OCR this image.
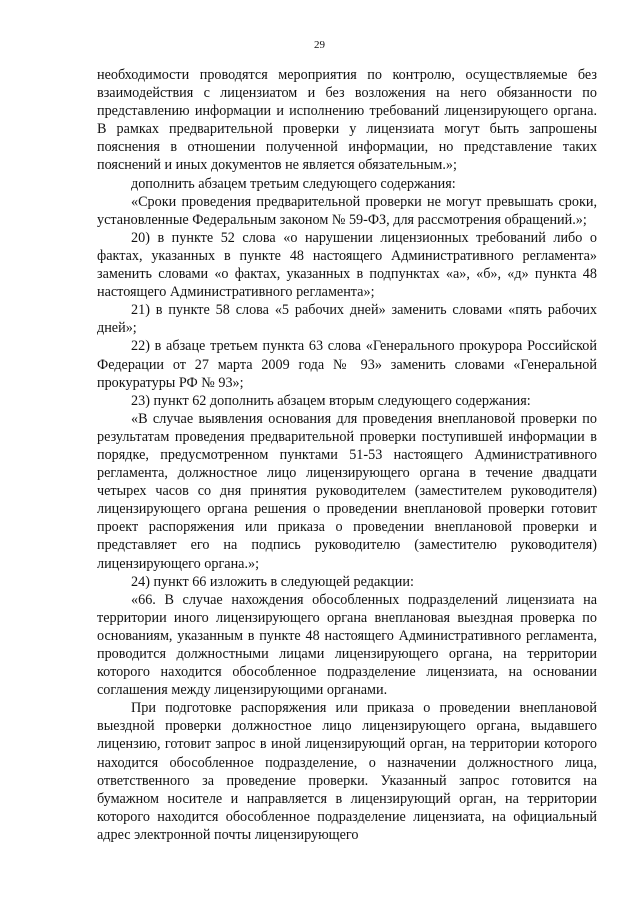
29

необходимости проводятся мероприятия по контролю, осуществляемые без взаимодействия с лицензиатом и без возложения на него обязанности по представлению информации и исполнению требований лицензирующего органа. В рамках предварительной проверки у лицензиата могут быть запрошены пояснения в отношении полученной информации, но представление таких пояснений и иных документов не является обязательным.»;

дополнить абзацем третьим следующего содержания:

«Сроки проведения предварительной проверки не могут превышать сроки, установленные Федеральным законом № 59-ФЗ, для рассмотрения обращений.»;

20) в пункте 52 слова «о нарушении лицензионных требований либо о фактах, указанных в пункте 48 настоящего Административного регламента» заменить словами «о фактах, указанных в подпунктах «а», «б», «д» пункта 48 настоящего Административного регламента»;

21) в пункте 58 слова «5 рабочих дней» заменить словами «пять рабочих дней»;

22) в абзаце третьем пункта 63 слова «Генерального прокурора Российской Федерации от 27 марта 2009 года № 93» заменить словами «Генеральной прокуратуры РФ № 93»;

23) пункт 62 дополнить абзацем вторым следующего содержания:

«В случае выявления основания для проведения внеплановой проверки по результатам проведения предварительной проверки поступившей информации в порядке, предусмотренном пунктами 51-53 настоящего Административного регламента, должностное лицо лицензирующего органа в течение двадцати четырех часов со дня принятия руководителем (заместителем руководителя) лицензирующего органа решения о проведении внеплановой проверки готовит проект распоряжения или приказа о проведении внеплановой проверки и представляет его на подпись руководителю (заместителю руководителя) лицензирующего органа.»;

24) пункт 66 изложить в следующей редакции:

«66. В случае нахождения обособленных подразделений лицензиата на территории иного лицензирующего органа внеплановая выездная проверка по основаниям, указанным в пункте 48 настоящего Административного регламента, проводится должностными лицами лицензирующего органа, на территории которого находится обособленное подразделение лицензиата, на основании соглашения между лицензирующими органами.

При подготовке распоряжения или приказа о проведении внеплановой выездной проверки должностное лицо лицензирующего органа, выдавшего лицензию, готовит запрос в иной лицензирующий орган, на территории которого находится обособленное подразделение, о назначении должностного лица, ответственного за проведение проверки. Указанный запрос готовится на бумажном носителе и направляется в лицензирующий орган, на территории которого находится обособленное подразделение лицензиата, на официальный адрес электронной почты лицензирующего
